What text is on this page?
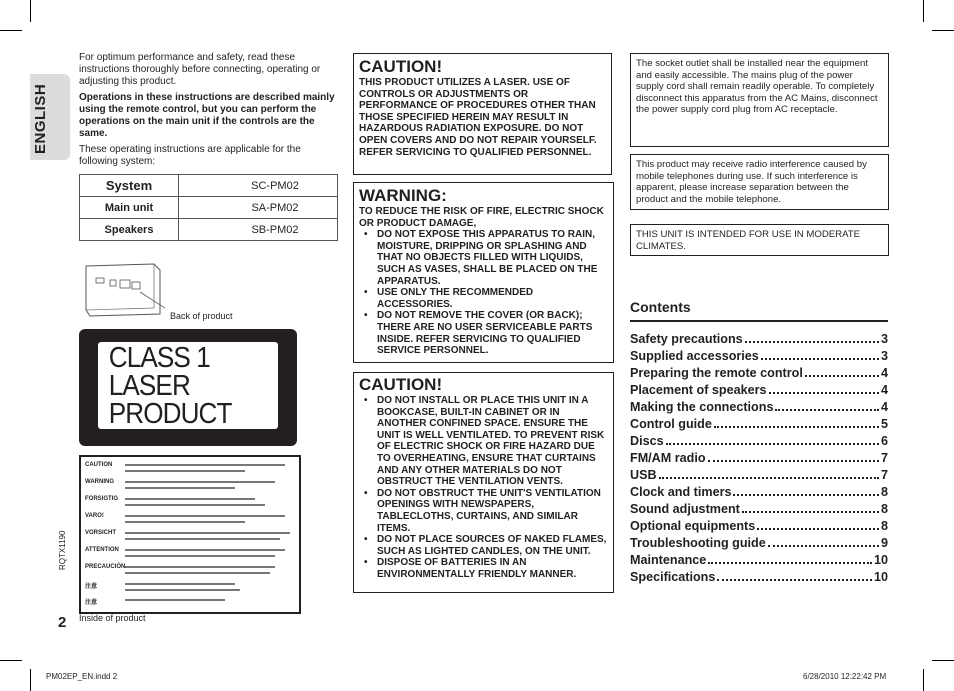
ENGLISH

For optimum performance and safety, read these instructions thoroughly before connecting, operating or adjusting this product.

Operations in these instructions are described mainly using the remote control, but you can perform the operations on the main unit if the controls are the same.

These operating instructions are applicable for the following system:

System	SC-PM02
Main unit	SA-PM02
Speakers	SB-PM02
Back of product
CLASS 1
LASER PRODUCT
CAUTION
WARNING
FORSIGTIG
VARO!
VORSICHT
ATTENTION
PRECAUCIÓN
注意
注意
Inside of product
RQTX1190
2
CAUTION!
THIS PRODUCT UTILIZES A LASER. USE OF CONTROLS OR ADJUSTMENTS OR PERFORMANCE OF PROCEDURES OTHER THAN THOSE SPECIFIED HEREIN MAY RESULT IN HAZARDOUS RADIATION EXPOSURE. DO NOT OPEN COVERS AND DO NOT REPAIR YOURSELF. REFER SERVICING TO QUALIFIED PERSONNEL.
WARNING:
TO REDUCE THE RISK OF FIRE, ELECTRIC SHOCK OR PRODUCT DAMAGE,
• DO NOT EXPOSE THIS APPARATUS TO RAIN, MOISTURE, DRIPPING OR SPLASHING AND THAT NO OBJECTS FILLED WITH LIQUIDS, SUCH AS VASES, SHALL BE PLACED ON THE APPARATUS.
• USE ONLY THE RECOMMENDED ACCESSORIES.
• DO NOT REMOVE THE COVER (OR BACK); THERE ARE NO USER SERVICEABLE PARTS INSIDE. REFER SERVICING TO QUALIFIED SERVICE PERSONNEL.
CAUTION!
• DO NOT INSTALL OR PLACE THIS UNIT IN A BOOKCASE, BUILT-IN CABINET OR IN ANOTHER CONFINED SPACE. ENSURE THE UNIT IS WELL VENTILATED. TO PREVENT RISK OF ELECTRIC SHOCK OR FIRE HAZARD DUE TO OVERHEATING, ENSURE THAT CURTAINS AND ANY OTHER MATERIALS DO NOT OBSTRUCT THE VENTILATION VENTS.
• DO NOT OBSTRUCT THE UNIT'S VENTILATION OPENINGS WITH NEWSPAPERS, TABLECLOTHS, CURTAINS, AND SIMILAR ITEMS.
• DO NOT PLACE SOURCES OF NAKED FLAMES, SUCH AS LIGHTED CANDLES, ON THE UNIT.
• DISPOSE OF BATTERIES IN AN ENVIRONMENTALLY FRIENDLY MANNER.
The socket outlet shall be installed near the equipment and easily accessible. The mains plug of the power supply cord shall remain readily operable. To completely disconnect this apparatus from the AC Mains, disconnect the power supply cord plug from AC receptacle.
This product may receive radio interference caused by mobile telephones during use. If such interference is apparent, please increase separation between the product and the mobile telephone.
THIS UNIT IS INTENDED FOR USE IN MODERATE CLIMATES.
Contents
Safety precautions	3
Supplied accessories	3
Preparing the remote control	4
Placement of speakers	4
Making the connections	4
Control guide	5
Discs	6
FM/AM radio	7
USB	7
Clock and timers	8
Sound adjustment	8
Optional equipments	8
Troubleshooting guide	9
Maintenance	10
Specifications	10
PM02EP_EN.indd 2	6/28/2010 12:22:42 PM
